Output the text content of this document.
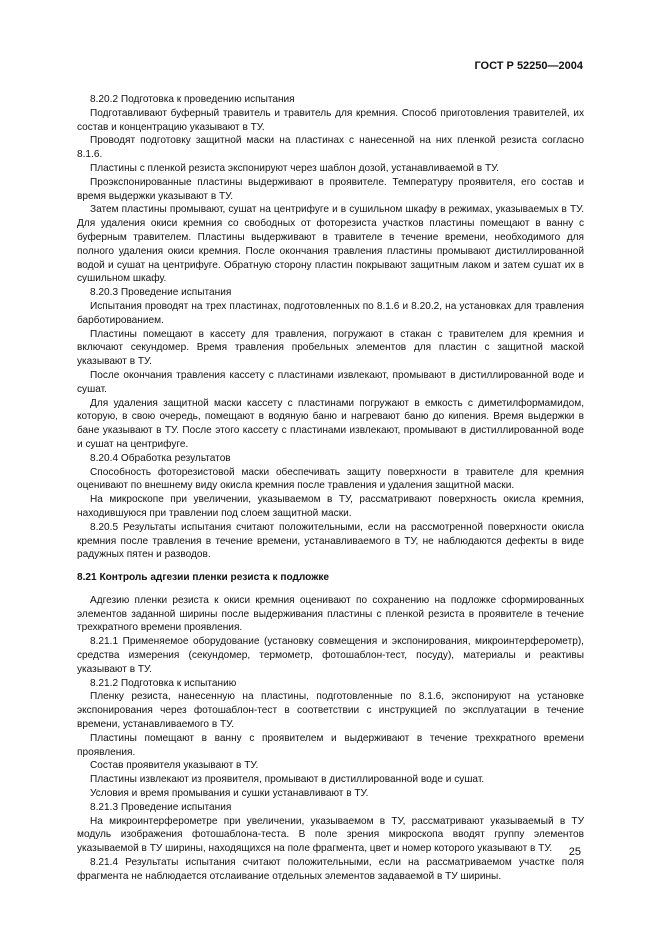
ГОСТ Р 52250—2004

8.20.2 Подготовка к проведению испытания

Подготавливают буферный травитель и травитель для кремния. Способ приготовления травителей, их состав и концентрацию указывают в ТУ.

Проводят подготовку защитной маски на пластинах с нанесенной на них пленкой резиста согласно 8.1.6.

Пластины с пленкой резиста экспонируют через шаблон дозой, устанавливаемой в ТУ.

Проэкспонированные пластины выдерживают в проявителе. Температуру проявителя, его состав и время выдержки указывают в ТУ.

Затем пластины промывают, сушат на центрифуге и в сушильном шкафу в режимах, указываемых в ТУ. Для удаления окиси кремния со свободных от фоторезиста участков пластины помещают в ванну с буферным травителем. Пластины выдерживают в травителе в течение времени, необходимого для полного удаления окиси кремния. После окончания травления пластины промывают дистиллированной водой и сушат на центрифуге. Обратную сторону пластин покрывают защитным лаком и затем сушат их в сушильном шкафу.

8.20.3 Проведение испытания

Испытания проводят на трех пластинах, подготовленных по 8.1.6 и 8.20.2, на установках для травления барботированием.

Пластины помещают в кассету для травления, погружают в стакан с травителем для кремния и включают секундомер. Время травления пробельных элементов для пластин с защитной маской указывают в ТУ.

После окончания травления кассету с пластинами извлекают, промывают в дистиллированной воде и сушат.

Для удаления защитной маски кассету с пластинами погружают в емкость с диметилформамидом, которую, в свою очередь, помещают в водяную баню и нагревают баню до кипения. Время выдержки в бане указывают в ТУ. После этого кассету с пластинами извлекают, промывают в дистиллированной воде и сушат на центрифуге.

8.20.4 Обработка результатов

Способность фоторезистовой маски обеспечивать защиту поверхности в травителе для кремния оценивают по внешнему виду окисла кремния после травления и удаления защитной маски.

На микроскопе при увеличении, указываемом в ТУ, рассматривают поверхность окисла кремния, находившуюся при травлении под слоем защитной маски.

8.20.5 Результаты испытания считают положительными, если на рассмотренной поверхности окисла кремния после травления в течение времени, устанавливаемого в ТУ, не наблюдаются дефекты в виде радужных пятен и разводов.

8.21 Контроль адгезии пленки резиста к подложке

Адгезию пленки резиста к окиси кремния оценивают по сохранению на подложке сформированных элементов заданной ширины после выдерживания пластины с пленкой резиста в проявителе в течение трехкратного времени проявления.

8.21.1 Применяемое оборудование (установку совмещения и экспонирования, микроинтерферометр), средства измерения (секундомер, термометр, фотошаблон-тест, посуду), материалы и реактивы указывают в ТУ.

8.21.2 Подготовка к испытанию

Пленку резиста, нанесенную на пластины, подготовленные по 8.1.6, экспонируют на установке экспонирования через фотошаблон-тест в соответствии с инструкцией по эксплуатации в течение времени, устанавливаемого в ТУ.

Пластины помещают в ванну с проявителем и выдерживают в течение трехкратного времени проявления.

Состав проявителя указывают в ТУ.

Пластины извлекают из проявителя, промывают в дистиллированной воде и сушат.

Условия и время промывания и сушки устанавливают в ТУ.

8.21.3 Проведение испытания

На микроинтерферометре при увеличении, указываемом в ТУ, рассматривают указываемый в ТУ модуль изображения фотошаблона-теста. В поле зрения микроскопа вводят группу элементов указываемой в ТУ ширины, находящихся на поле фрагмента, цвет и номер которого указывают в ТУ.

8.21.4 Результаты испытания считают положительными, если на рассматриваемом участке поля фрагмента не наблюдается отслаивание отдельных элементов задаваемой в ТУ ширины.

25
